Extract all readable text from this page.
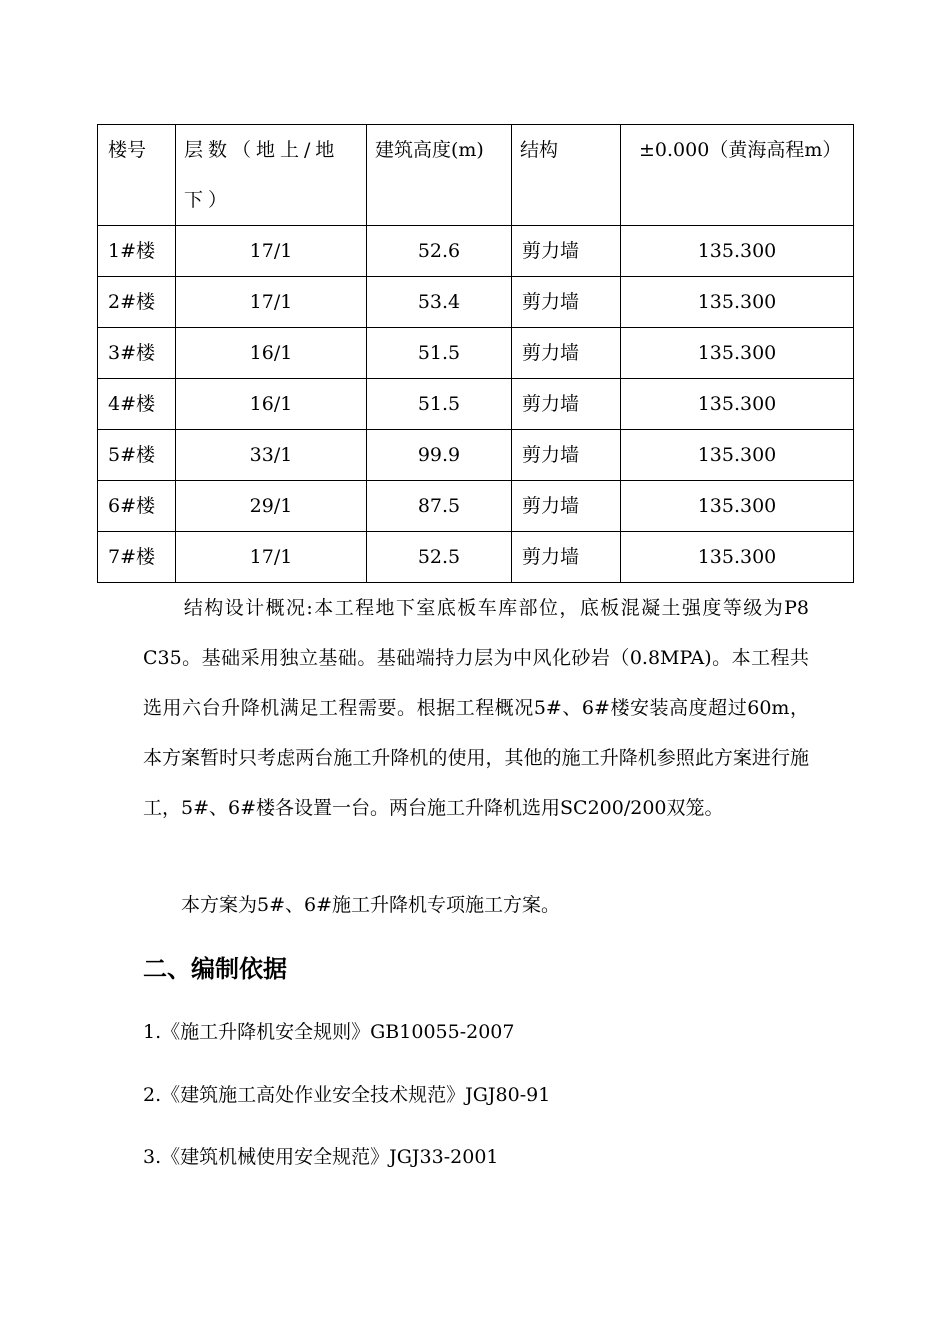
楼号	层数（地上/地下）	建筑高度(m)	结构	±0.000（黄海高程m）

1#楼	17/1	52.6	剪力墙	135.300
2#楼	17/1	53.4	剪力墙	135.300
3#楼	16/1	51.5	剪力墙	135.300
4#楼	16/1	51.5	剪力墙	135.300
5#楼	33/1	99.9	剪力墙	135.300
6#楼	29/1	87.5	剪力墙	135.300
7#楼	17/1	52.5	剪力墙	135.300

　　结构设计概况:本工程地下室底板车库部位，底板混凝土强度等级为P8 C35。基础采用独立基础。基础端持力层为中风化砂岩（0.8MPA)。本工程共选用六台升降机满足工程需要。根据工程概况5#、6#楼安装高度超过60m，本方案暂时只考虑两台施工升降机的使用，其他的施工升降机参照此方案进行施工，5#、6#楼各设置一台。两台施工升降机选用SC200/200双笼。

　　本方案为5#、6#施工升降机专项施工方案。

二、编制依据

1.《施工升降机安全规则》GB10055-2007

2.《建筑施工高处作业安全技术规范》JGJ80-91

3.《建筑机械使用安全规范》JGJ33-2001
